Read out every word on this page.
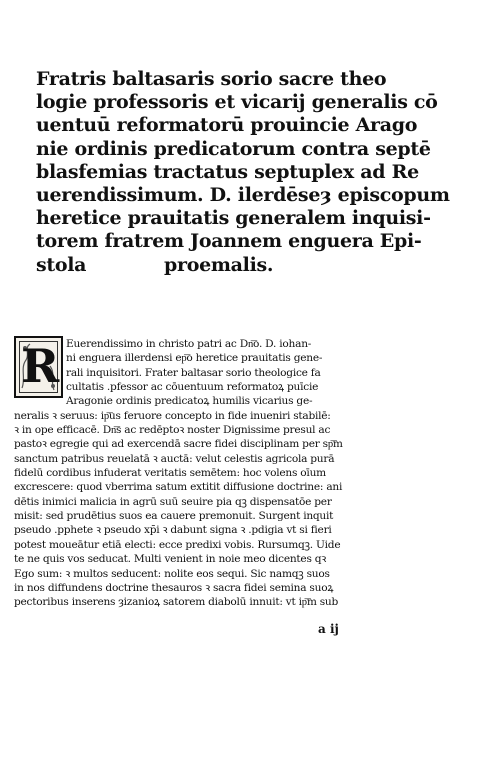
Fratris baltasaris sorio sacre theo
logie professoris et vicarij generalis cō
uentuū reformatorū prouincie Arago
nie ordinis predicatorum contra septē
blasfemias tractatus septuplex ad Re
uerendissimum. D. ilerdēseȝ episcopum
heretice prauitatis generalem inquisi-
torem fratrem Joannem enguera Epi-
stola	proemalis.
R Euerendissimo in christo patri ac Dn͞o. D. iohan-
ni enguera illerdensi ep͞o heretice prauitatis gene-
rali inquisitori. Frater baltasar sorio theologice fa
cultatis .pfessor ac cōuentuum reformatoꝝ puīcie
Aragonie ordinis predicatoꝝ humilis vicarius ge-
neralis ꝛ seruus: ip͞us feruore concepto in fide inueniri stabilē:
ꝛ in ope efficacē. Dn͞s ac redēptoꝛ noster Dignissime presul ac
pastoꝛ egregie qui ad exercendā sacre fidei disciplinam per sp͞m
sanctum patribus reuelatā ꝛ auctā: velut celestis agricola purā
fidelū cordibus infuderat veritatis semētem: hoc volens oīum
excrescere: quod vberrima satum extitit diffusione doctrine: ani
dētis inimici malicia in agrū suū seuire pia qꝫ dispensatōe per
misit: sed prudētius suos ea cauere premonuit. Surgent inquit
pseudo .pphete ꝛ pseudo xp̄i ꝛ dabunt signa ꝛ .pdigia vt si fieri
potest moueātur etiā electi: ecce predixi vobis. Rursumqꝫ. Uide
te ne quis vos seducat. Multi venient in noie meo dicentes qꝛ
Ego sum: ꝛ multos seducent: nolite eos sequi. Sic namqꝫ suos
in nos diffundens doctrine thesauros ꝛ sacra fidei semina suoꝝ
pectoribus inserens ȝizanioꝝ satorem diabolū innuit: vt ip͞m sub
a ij
